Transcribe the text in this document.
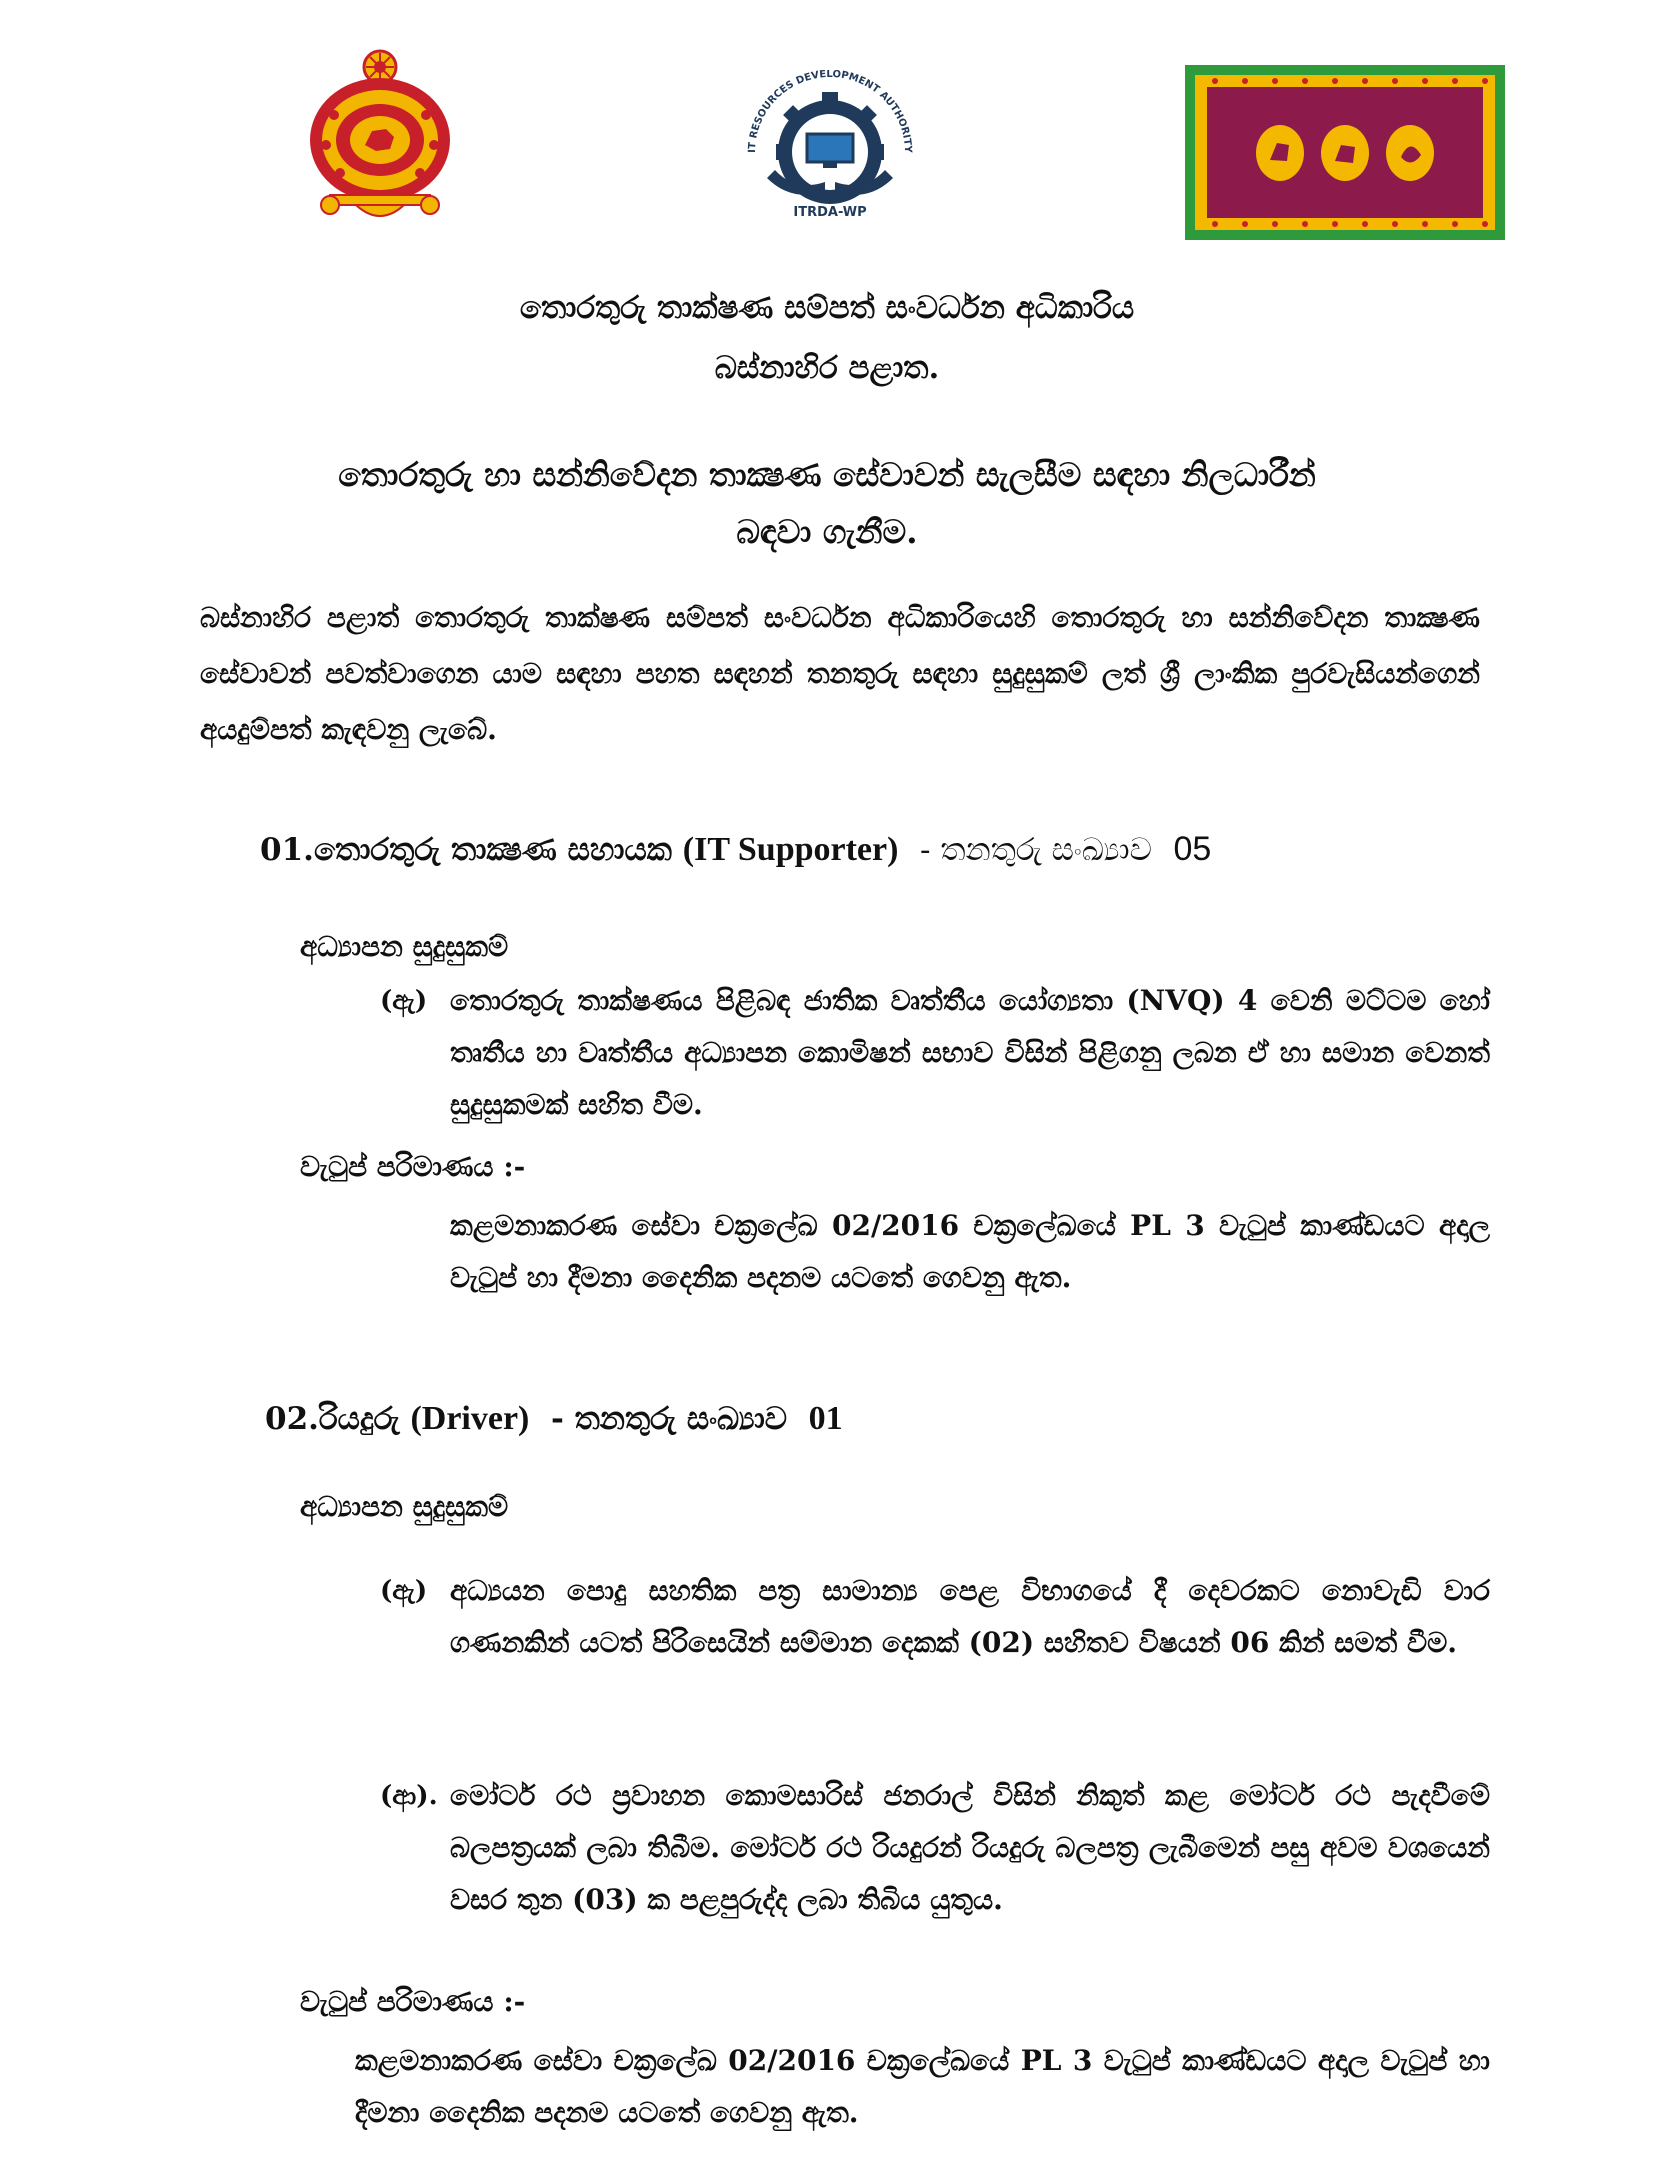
IT RESOURCES DEVELOPMENT AUTHORITY
ITRDA-WP
තොරතුරු තාක්ෂණ සම්පත් සංවර්ධන අධිකාරිය
බස්නාහිර පළාත.
තොරතුරු හා සන්නිවේදන තාක්‍ෂණ සේවාවන් සැලසීම සඳහා නිලධාරීන්
බඳවා ගැනීම.
බස්නාහිර පළාත් තොරතුරු තාක්ෂණ සම්පත් සංවර්ධන අධිකාරියෙහි තොරතුරු හා සන්නිවේදන තාක්‍ෂණ සේවාවන් පවත්වාගෙන යාම සඳහා පහත සඳහන් තනතුරු සඳහා සුදුසුකම් ලත් ශ්‍රී ලාංකික පුරවැසියන්ගෙන් අයදුම්පත් කැඳවනු ලැබේ.
01.තොරතුරු තාක්‍ෂණ සහායක (IT Supporter) - තනතුරු සංඛ්‍යාව 05
අධ්‍යාපන සුදුසුකම්
(ඇ) තොරතුරු තාක්ෂණය පිළිබඳ ජාතික වෘත්තීය යෝග්‍යතා (NVQ) 4 වෙනි මට්ටම හෝ තෘතීය හා වෘත්තීය අධ්‍යාපන කොමිෂන් සභාව විසින් පිළිගනු ලබන ඒ හා සමාන වෙනත් සුදුසුකමක් සහිත වීම.
වැටුප් පරිමාණය :-
කළමනාකරණ සේවා චක්‍රලේඛ 02/2016 චක්‍රලේඛයේ PL 3 වැටුප් කාණ්ඩයට අදාල වැටුප් හා දීමනා දෛනික පදනම යටතේ ගෙවනු ඇත.
02.රියදුරු (Driver) - තනතුරු සංඛ්‍යාව 01
අධ්‍යාපන සුදුසුකම්
(ඇ) අධ්‍යයන පොදු සහතික පත්‍ර සාමාන්‍ය පෙළ විභාගයේ දී දෙවරකට නොවැඩි වාර ගණනකින් යටත් පිරිසෙයින් සම්මාන දෙකක් (02) සහිතව විෂයන් 06 කින් සමත් වීම.
(ආ). මෝටර් රථ ප්‍රවාහන කොමසාරිස් ජනරාල් විසින් නිකුත් කළ මෝටර් රථ පැදවීමේ බලපත්‍රයක් ලබා තිබීම. මෝටර් රථ රියදුරන් රියදුරු බලපත්‍ර ලැබීමෙන් පසු අවම වශයෙන් වසර තුන (03) ක පළපුරුද්ද ලබා තිබිය යුතුය.
වැටුප් පරිමාණය :-
කළමනාකරණ සේවා චක්‍රලේඛ 02/2016 චක්‍රලේඛයේ PL 3 වැටුප් කාණ්ඩයට අදාල වැටුප් හා දීමනා දෛනික පදනම යටතේ ගෙවනු ඇත.
